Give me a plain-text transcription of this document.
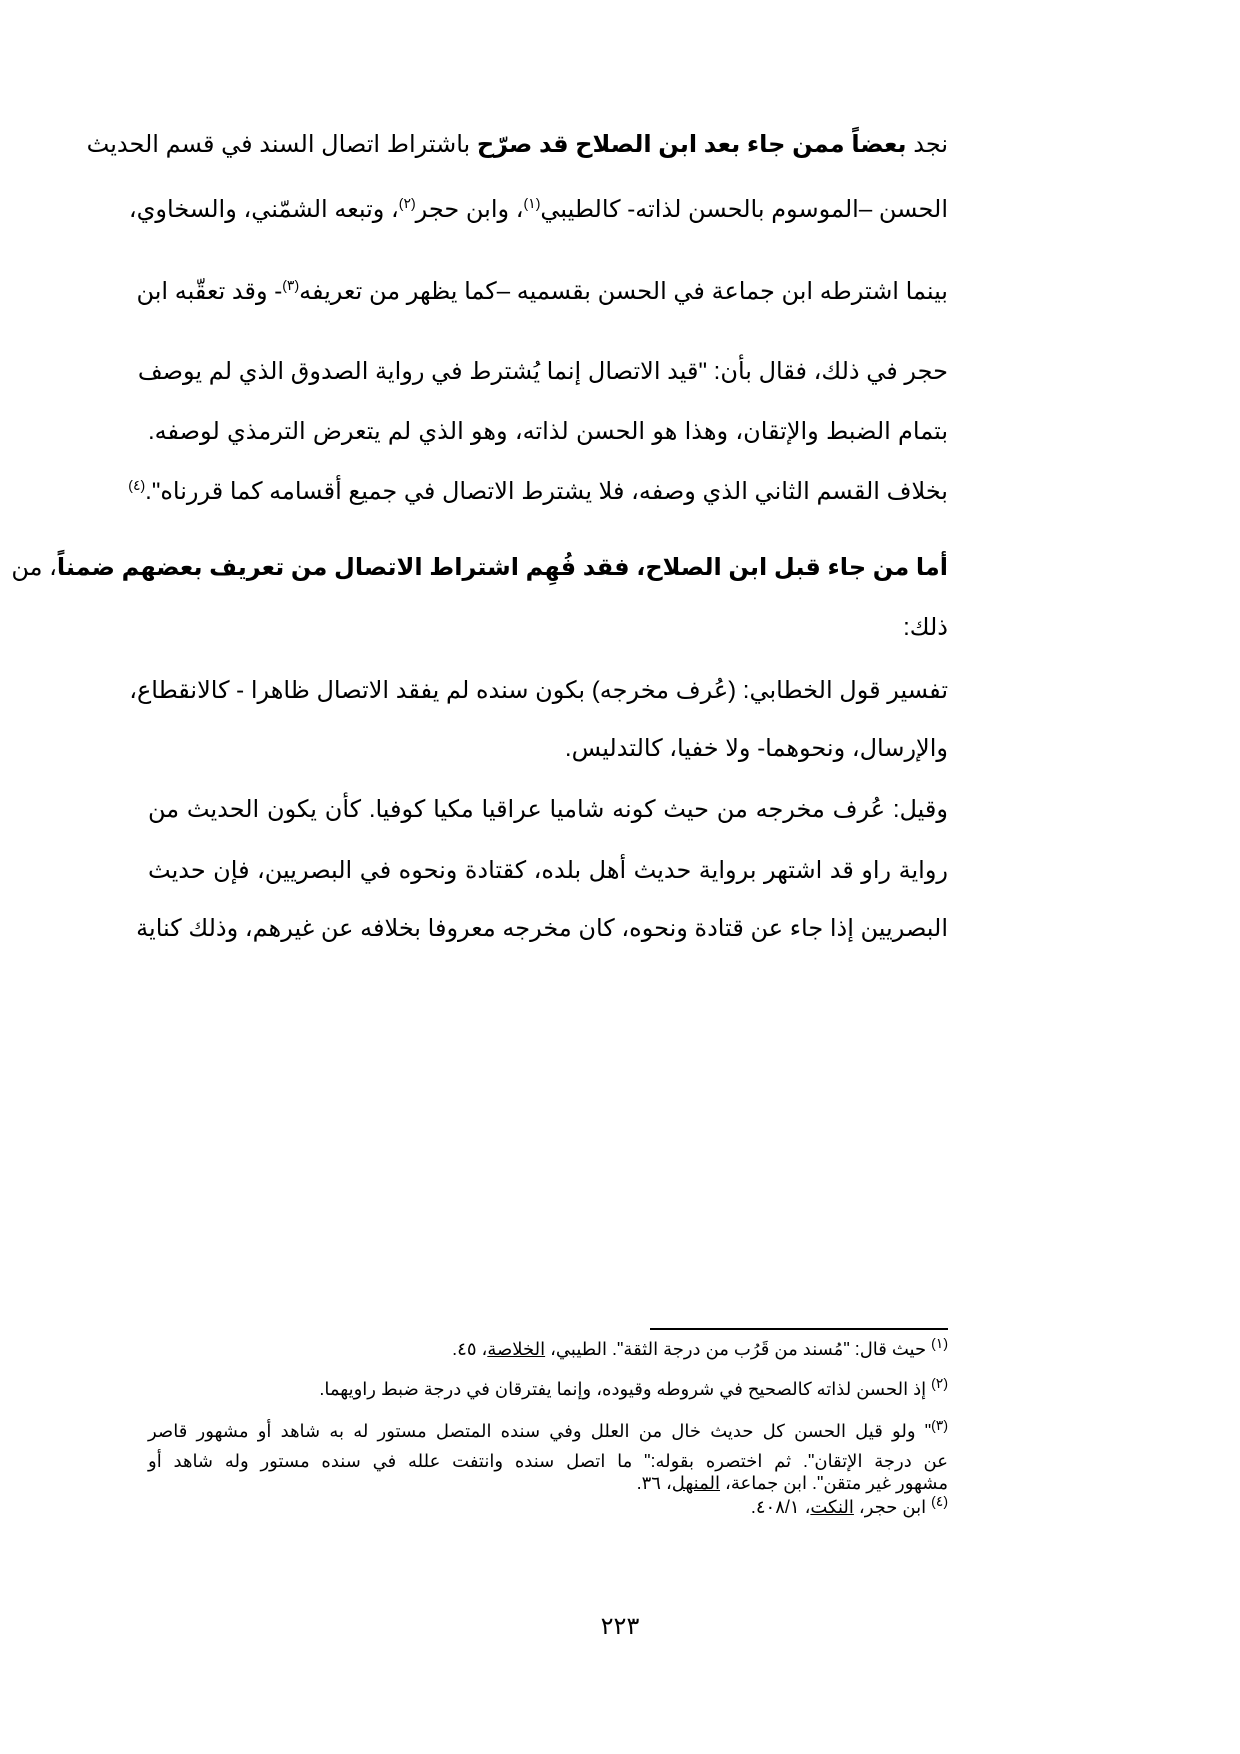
نجد بعضاً ممن جاء بعد ابن الصلاح قد صرّح باشتراط اتصال السند في قسم الحديث
الحسن –الموسوم بالحسن لذاته- كالطيبي$^{(١)}$، وابن حجر$^{(٢)}$، وتبعه الشمّني، والسخاوي،
بينما اشترطه ابن جماعة في الحسن بقسميه –كما يظهر من تعريفه$^{(٣)}$- وقد تعقّبه ابن
حجر في ذلك، فقال بأن: "قيد الاتصال إنما يُشترط في رواية الصدوق الذي لم يوصف
بتمام الضبط والإتقان، وهذا هو الحسن لذاته، وهو الذي لم يتعرض الترمذي لوصفه.
بخلاف القسم الثاني الذي وصفه، فلا يشترط الاتصال في جميع أقسامه كما قررناه".$^{(٤)}$
أما من جاء قبل ابن الصلاح، فقد فُهِم اشتراط الاتصال من تعريف بعضهم ضمناً، من
ذلك:
تفسير قول الخطابي: (عُرف مخرجه) بكون سنده لم يفقد الاتصال ظاهرا - كالانقطاع،
والإرسال، ونحوهما- ولا خفيا، كالتدليس.
وقيل: عُرف مخرجه من حيث كونه شاميا عراقيا مكيا كوفيا. كأن يكون الحديث من
رواية راو قد اشتهر برواية حديث أهل بلده، كقتادة ونحوه في البصريين، فإن حديث
البصريين إذا جاء عن قتادة ونحوه، كان مخرجه معروفا بخلافه عن غيرهم، وذلك كناية
$^{(١)}$ حيث قال: "مُسند من قَرُب من درجة الثقة". الطيبي، الخلاصة، ٤٥.
$^{(٢)}$ إذ الحسن لذاته كالصحيح في شروطه وقيوده، وإنما يفترقان في درجة ضبط راويهما.
$^{(٣)}$" ولو قيل الحسن كل حديث خال من العلل وفي سنده المتصل مستور له به شاهد أو مشهور قاصر
عن درجة الإتقان". ثم اختصره بقوله:" ما اتصل سنده وانتفت علله في سنده مستور وله شاهد أو
مشهور غير متقن". ابن جماعة، المنهل، ٣٦.
$^{(٤)}$ ابن حجر، النكت، ٤٠٨/١.
٢٢٣
